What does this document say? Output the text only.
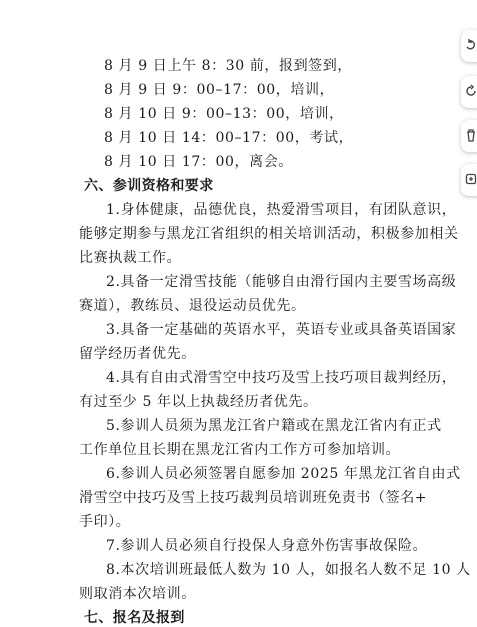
8 月 9 日上午 8：30 前，报到签到，
8 月 9 日 9：00–17：00，培训，
8 月 10 日 9：00–13：00，培训，
8 月 10 日 14：00–17：00，考试，
8 月 10 日 17：00，离会。
六、参训资格和要求
1.身体健康，品德优良，热爱滑雪项目，有团队意识，
能够定期参与黑龙江省组织的相关培训活动，积极参加相关
比赛执裁工作。
2.具备一定滑雪技能（能够自由滑行国内主要雪场高级
赛道），教练员、退役运动员优先。
3.具备一定基础的英语水平，英语专业或具备英语国家
留学经历者优先。
4.具有自由式滑雪空中技巧及雪上技巧项目裁判经历，
有过至少 5 年以上执裁经历者优先。
5.参训人员须为黑龙江省户籍或在黑龙江省内有正式
工作单位且长期在黑龙江省内工作方可参加培训。
6.参训人员必须签署自愿参加 2025 年黑龙江省自由式
滑雪空中技巧及雪上技巧裁判员培训班免责书（签名+
手印）。
7.参训人员必须自行投保人身意外伤害事故保险。
8.本次培训班最低人数为 10 人，如报名人数不足 10 人
则取消本次培训。
七、报名及报到
